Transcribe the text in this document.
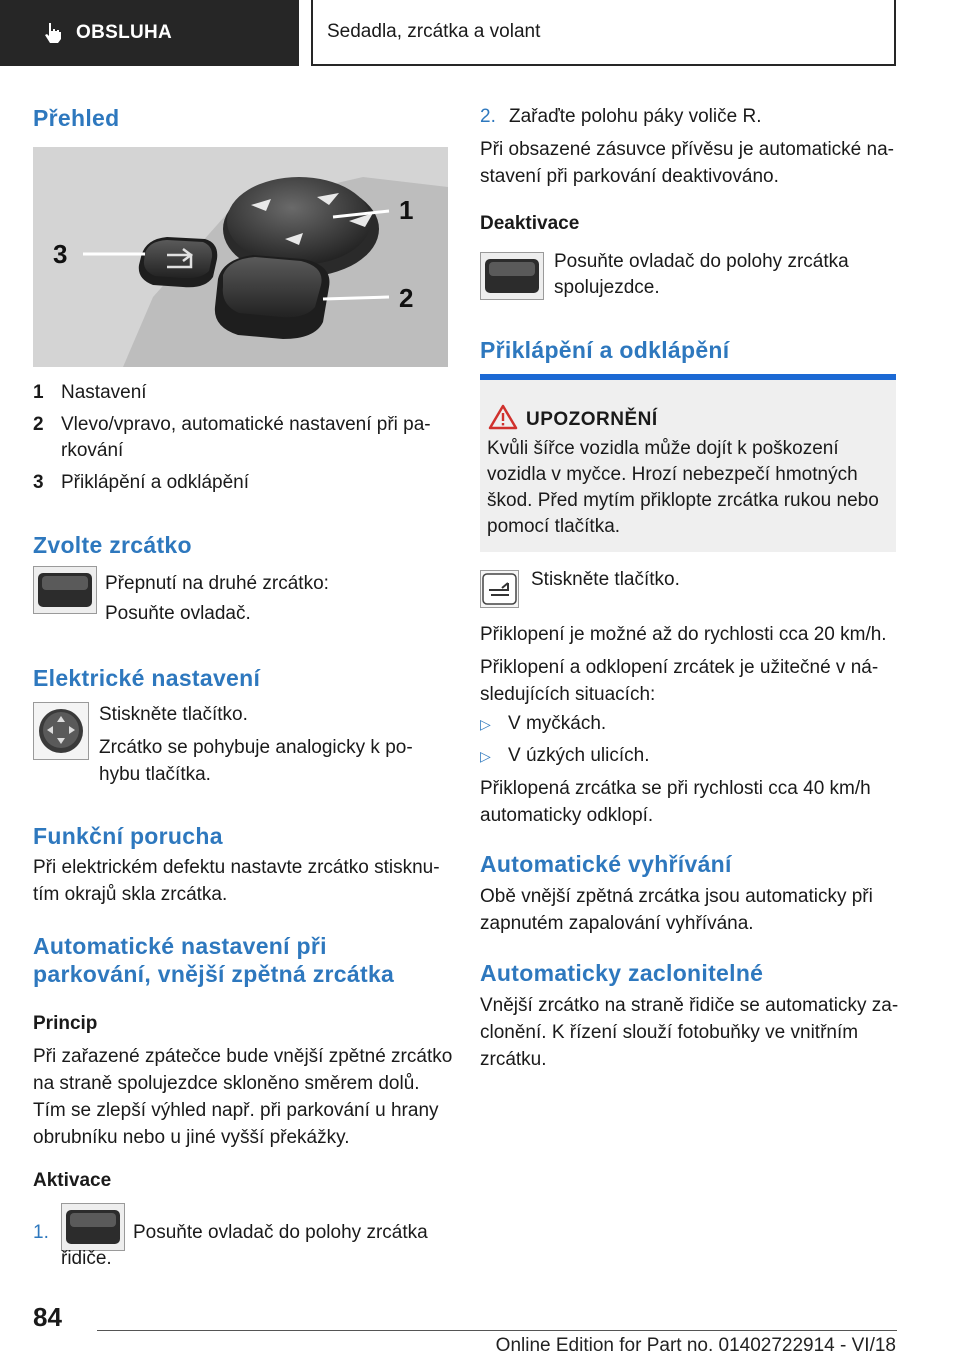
OBSLUHA	Sedadla, zrcátka a volant
Přehled
3
1
2
1 Nastavení
2 Vlevo/vpravo, automatické nastavení při pa-
rkování
3 Přiklápění a odklápění
Zvolte zrcátko

Přepnutí na druhé zrcátko:

Posuňte ovladač.

Elektrické nastavení

Stiskněte tlačítko.

Zrcátko se pohybuje analogicky k po-
hybu tlačítka.

Funkční porucha

Při elektrickém defektu nastavte zrcátko stisknu-
tím okrajů skla zrcátka.

Automatické nastavení při
parkování, vnější zpětná zrcátka

Princip

Při zařazené zpátečce bude vnější zpětné zrcátko
na straně spolujezdce skloněno směrem dolů.
Tím se zlepší výhled např. při parkování u hrany
obrubníku nebo u jiné vyšší překážky.

Aktivace

1.	Posuňte ovladač do polohy zrcátka

řidiče.

2. Zařaďte polohu páky voliče R.

Při obsazené zásuvce přívěsu je automatické na-
stavení při parkování deaktivováno.

Deaktivace

Posuňte ovladač do polohy zrcátka
spolujezdce.

Přiklápění a odklápění
UPOZORNĚNÍ
Kvůli šířce vozidla může dojít k poškození
vozidla v myčce. Hrozí nebezpečí hmotných
škod. Před mytím přiklopte zrcátka rukou nebo
pomocí tlačítka.

Stiskněte tlačítko.

Přiklopení je možné až do rychlosti cca 20 km/h.

Přiklopení a odklopení zrcátek je užitečné v ná-
sledujících situacích:

▷ V myčkách.
▷ V úzkých ulicích.

Přiklopená zrcátka se při rychlosti cca 40 km/h
automaticky odklopí.

Automatické vyhřívání

Obě vnější zpětná zrcátka jsou automaticky při
zapnutém zapalování vyhřívána.

Automaticky zaclonitelné

Vnější zrcátko na straně řidiče se automaticky za-
clonění. K řízení slouží fotobuňky ve vnitřním
zrcátku.

84
Online Edition for Part no. 01402722914 - VI/18
